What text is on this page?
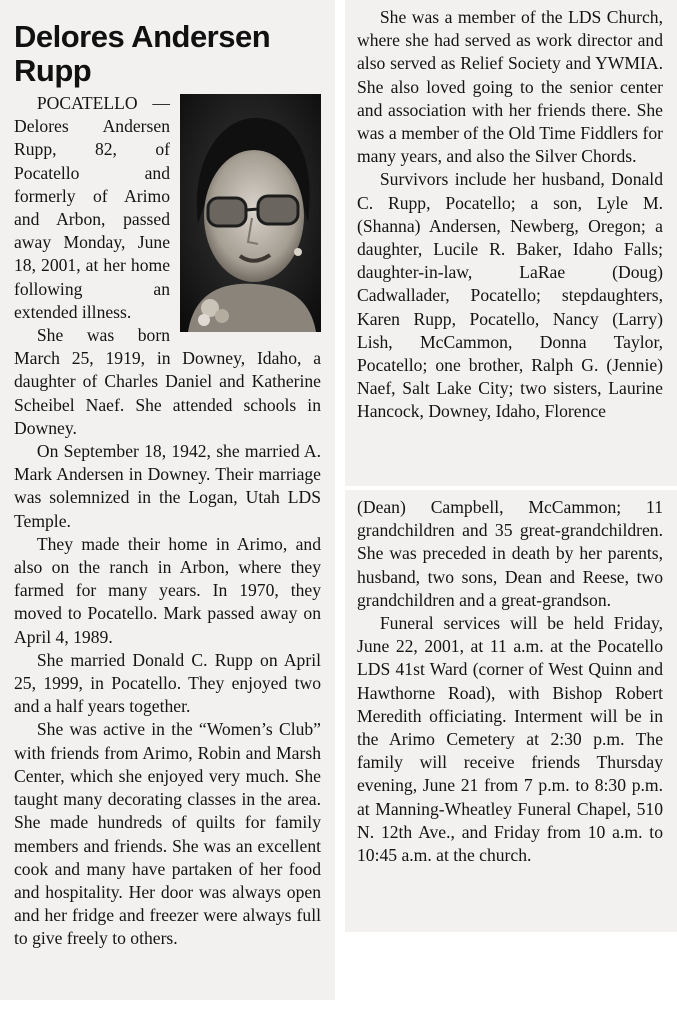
Delores Andersen
Rupp

POCATELLO — Delores Andersen Rupp, 82, of Pocatello and formerly of Arimo and Arbon, passed away Monday, June 18, 2001, at her home following an extended illness.

She was born March 25, 1919, in Downey, Idaho, a daughter of Charles Daniel and Katherine Scheibel Naef. She attended schools in Downey.

On September 18, 1942, she married A. Mark Andersen in Downey. Their marriage was solemnized in the Logan, Utah LDS Temple.

They made their home in Arimo, and also on the ranch in Arbon, where they farmed for many years. In 1970, they moved to Pocatello. Mark passed away on April 4, 1989.

She married Donald C. Rupp on April 25, 1999, in Pocatello. They enjoyed two and a half years together.

She was active in the “Women’s Club” with friends from Arimo, Robin and Marsh Center, which she enjoyed very much. She taught many decorating classes in the area. She made hundreds of quilts for family members and friends. She was an excellent cook and many have partaken of her food and hospitality. Her door was always open and her fridge and freezer were always full to give freely to others.

She was a member of the LDS Church, where she had served as work director and also served as Relief Society and YWMIA. She also loved going to the senior center and association with her friends there. She was a member of the Old Time Fiddlers for many years, and also the Silver Chords.

Survivors include her husband, Donald C. Rupp, Pocatello; a son, Lyle M. (Shanna) Andersen, Newberg, Oregon; a daughter, Lucile R. Baker, Idaho Falls; daughter-in-law, LaRae (Doug) Cadwallader, Pocatello; stepdaughters, Karen Rupp, Pocatello, Nancy (Larry) Lish, McCammon, Donna Taylor, Pocatello; one brother, Ralph G. (Jennie) Naef, Salt Lake City; two sisters, Laurine Hancock, Downey, Idaho, Florence

(Dean) Campbell, McCammon; 11 grandchildren and 35 great-grandchildren. She was preceded in death by her parents, husband, two sons, Dean and Reese, two grandchildren and a great-grandson.

Funeral services will be held Friday, June 22, 2001, at 11 a.m. at the Pocatello LDS 41st Ward (corner of West Quinn and Hawthorne Road), with Bishop Robert Meredith officiating. Interment will be in the Arimo Cemetery at 2:30 p.m. The family will receive friends Thursday evening, June 21 from 7 p.m. to 8:30 p.m. at Manning-Wheatley Funeral Chapel, 510 N. 12th Ave., and Friday from 10 a.m. to 10:45 a.m. at the church.
